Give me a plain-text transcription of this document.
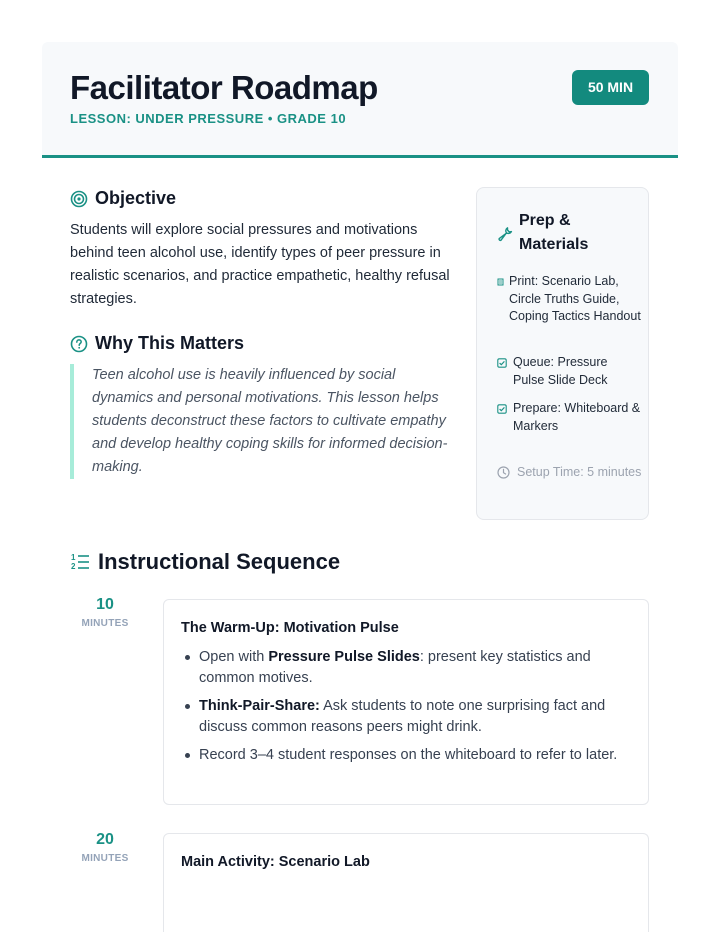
Facilitator Roadmap
LESSON: UNDER PRESSURE • GRADE 10
50 MIN
Objective
Students will explore social pressures and motivations behind teen alcohol use, identify types of peer pressure in realistic scenarios, and practice empathetic, healthy refusal strategies.
Why This Matters
Teen alcohol use is heavily influenced by social dynamics and personal motivations. This lesson helps students deconstruct these factors to cultivate empathy and develop healthy coping skills for informed decision-making.
Prep & Materials
Print: Scenario Lab, Circle Truths Guide, Coping Tactics Handout
Queue: Pressure Pulse Slide Deck
Prepare: Whiteboard & Markers
Setup Time: 5 minutes
1
2 Instructional Sequence
10
MINUTES	The Warm-Up: Motivation Pulse
Open with Pressure Pulse Slides: present key statistics and common motives.
Think-Pair-Share: Ask students to note one surprising fact and discuss common reasons peers might drink.
Record 3–4 student responses on the whiteboard to refer to later.
20
MINUTES	Main Activity: Scenario Lab
